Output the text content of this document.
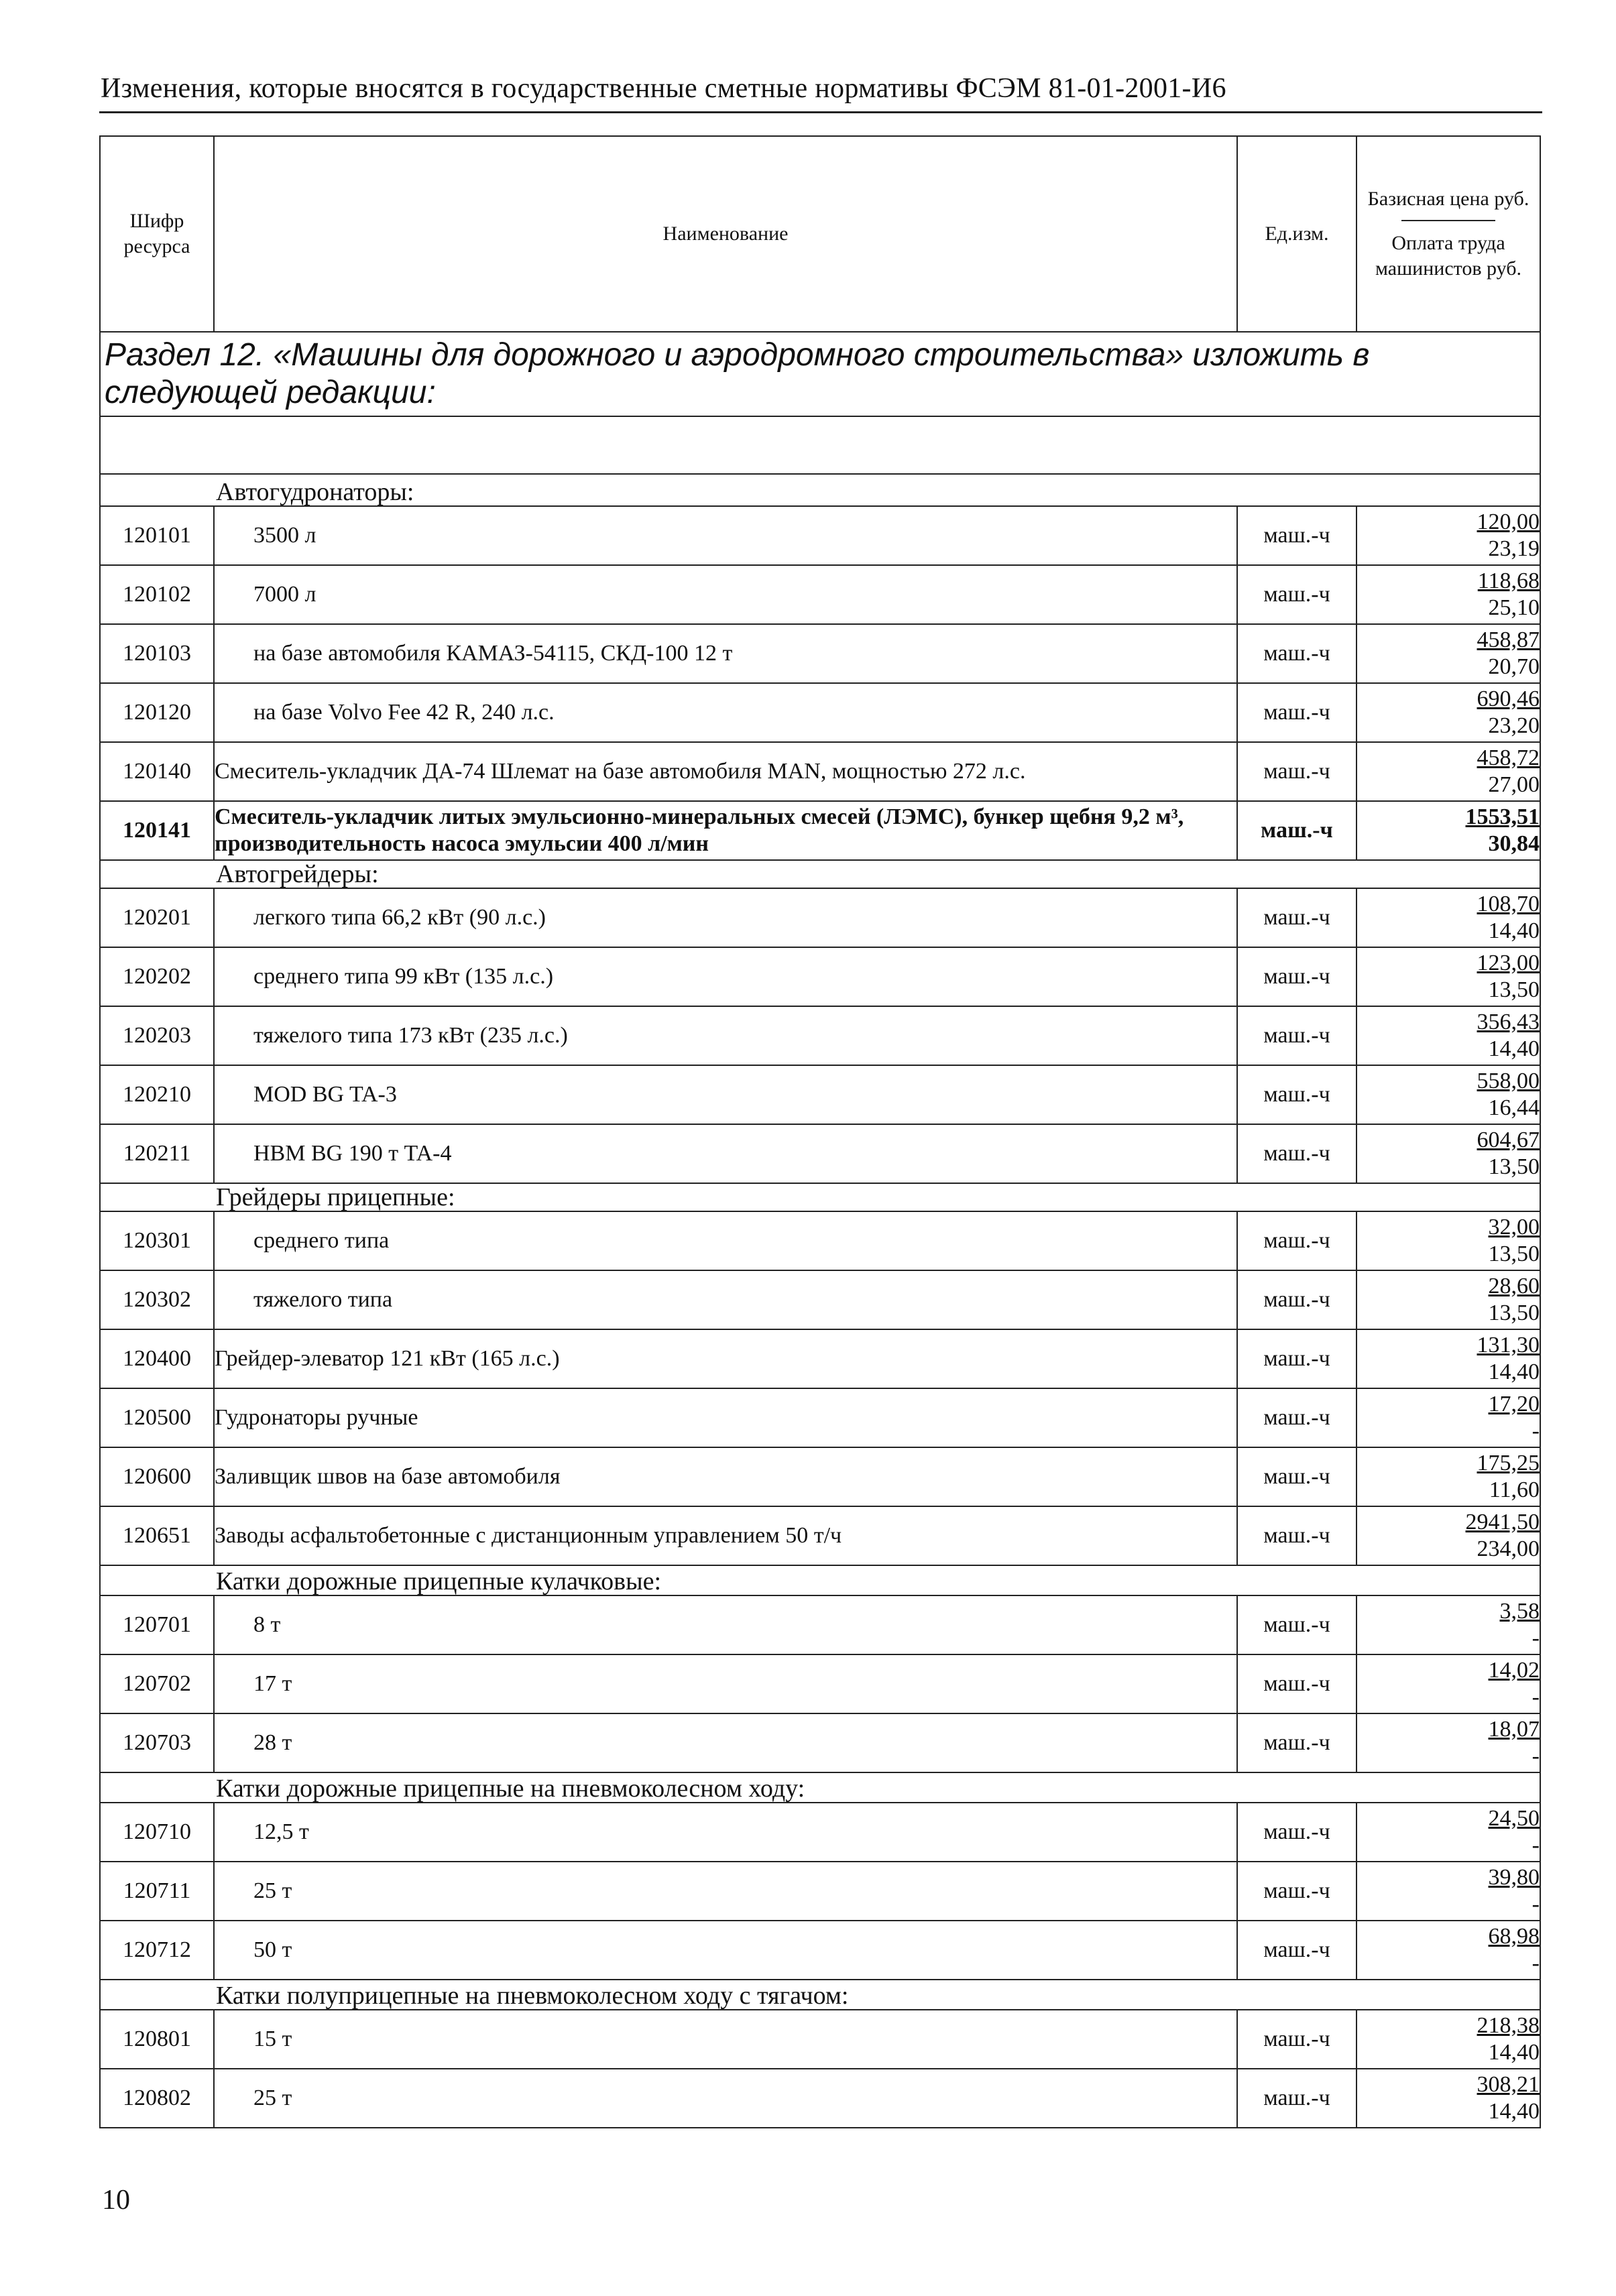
Изменения, которые вносятся в государственные сметные нормативы ФСЭМ 81-01-2001-И6
Шифр ресурса	Наименование	Ед.изм.	Базисная цена руб.
Оплата труда машинистов руб.

Раздел 12. «Машины для дорожного и аэродромного строительства» изложить в следующей редакции:			

Автогудронаторы:			
120101	3500 л	маш.-ч	120,00
23,19

120102	7000 л	маш.-ч	118,68
25,10

120103	на базе автомобиля КАМАЗ-54115, СКД-100 12 т	маш.-ч	458,87
20,70

120120	на базе Volvo Fee 42 R, 240 л.с.	маш.-ч	690,46
23,20

120140	Смеситель-укладчик ДА-74 Шлемат на базе автомобиля MAN, мощностью 272 л.с.	маш.-ч	458,72
27,00

120141	Смеситель-укладчик литых эмульсионно-минеральных смесей (ЛЭМС), бункер щебня 9,2 м³, производительность насоса эмульсии 400 л/мин	маш.-ч	1553,51
30,84

Автогрейдеры:			
120201	легкого типа 66,2 кВт (90 л.с.)	маш.-ч	108,70
14,40

120202	среднего типа 99 кВт (135 л.с.)	маш.-ч	123,00
13,50

120203	тяжелого типа 173 кВт (235 л.с.)	маш.-ч	356,43
14,40

120210	MOD BG TA-3	маш.-ч	558,00
16,44

120211	HBM BG 190 т TA-4	маш.-ч	604,67
13,50

Грейдеры прицепные:			
120301	среднего типа	маш.-ч	32,00
13,50

120302	тяжелого типа	маш.-ч	28,60
13,50

120400	Грейдер-элеватор 121 кВт (165 л.с.)	маш.-ч	131,30
14,40

120500	Гудронаторы ручные	маш.-ч	17,20
-

120600	Заливщик швов на базе автомобиля	маш.-ч	175,25
11,60

120651	Заводы асфальтобетонные с дистанционным управлением 50 т/ч	маш.-ч	2941,50
234,00

Катки дорожные прицепные кулачковые:			
120701	8 т	маш.-ч	3,58
-

120702	17 т	маш.-ч	14,02
-

120703	28 т	маш.-ч	18,07
-

Катки дорожные прицепные на пневмоколесном ходу:			
120710	12,5 т	маш.-ч	24,50
-

120711	25 т	маш.-ч	39,80
-

120712	50 т	маш.-ч	68,98
-

Катки полуприцепные на пневмоколесном ходу с тягачом:			
120801	15 т	маш.-ч	218,38
14,40

120802	25 т	маш.-ч	308,21
14,40
10
